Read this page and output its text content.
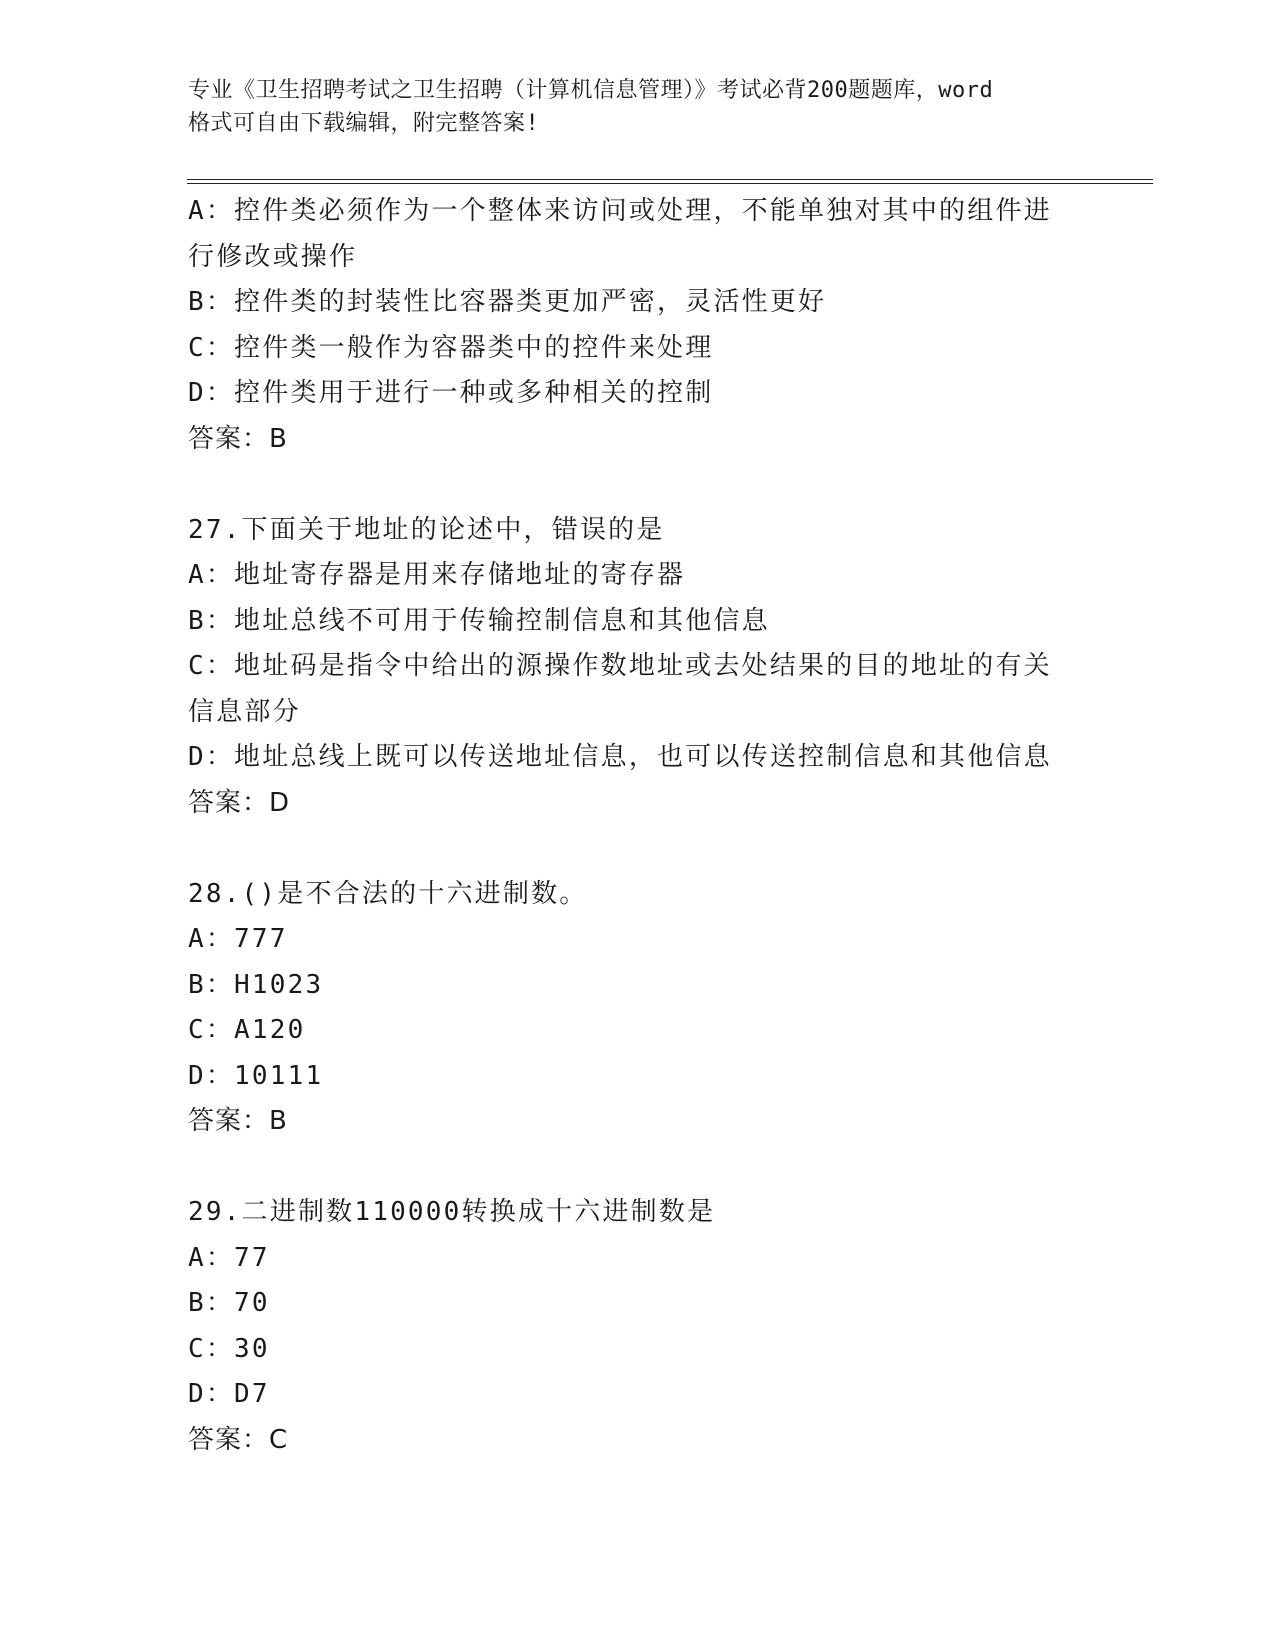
专业《卫生招聘考试之卫生招聘（计算机信息管理）》考试必背200题题库，word
格式可自由下载编辑，附完整答案!
A：控件类必须作为一个整体来访问或处理，不能单独对其中的组件进
行修改或操作
B：控件类的封装性比容器类更加严密，灵活性更好
C：控件类一般作为容器类中的控件来处理
D：控件类用于进行一种或多种相关的控制
答案：B
27.下面关于地址的论述中，错误的是
A：地址寄存器是用来存储地址的寄存器
B：地址总线不可用于传输控制信息和其他信息
C：地址码是指令中给出的源操作数地址或去处结果的目的地址的有关
信息部分
D：地址总线上既可以传送地址信息，也可以传送控制信息和其他信息
答案：D
28.()是不合法的十六进制数。
A：777
B：H1023
C：A120
D：10111
答案：B
29.二进制数110000转换成十六进制数是
A：77
B：70
C：30
D：D7
答案：C
